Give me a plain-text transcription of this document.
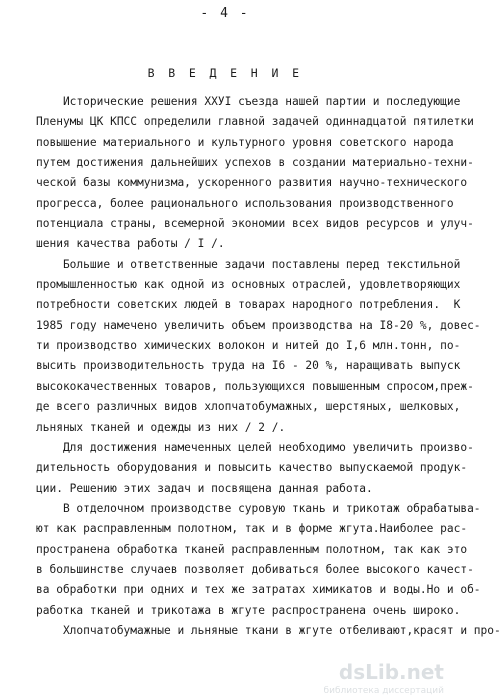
- 4 -
В В Е Д Е Н И Е
Исторические решения XXУI съезда нашей партии и последующие
Пленумы ЦК КПСС определили главной задачей одиннадцатой пятилетки
повышение материального и культурного уровня советского народа
путем достижения дальнейших успехов в создании материально-техни-
ческой базы коммунизма, ускоренного развития научно-технического
прогресса, более рационального использования производственного
потенциала страны, всемерной экономии всех видов ресурсов и улуч-
шения качества работы / I /.
Большие и ответственные задачи поставлены перед текстильной
промышленностью как одной из основных отраслей, удовлетворяющих
потребности советских людей в товарах народного потребления.  К
1985 году намечено увеличить объем производства на I8-20 %, довес-
ти производство химических волокон и нитей до I,6 млн.тонн, по-
высить производительность труда на I6 - 20 %, наращивать выпуск
высококачественных товаров, пользующихся повышенным спросом,преж-
де всего различных видов хлопчатобумажных, шерстяных, шелковых,
льняных тканей и одежды из них / 2 /.
Для достижения намеченных целей необходимо увеличить произво-
дительность оборудования и повысить качество выпускаемой продук-
ции. Решению этих задач и посвящена данная работа.
В отделочном производстве суровую ткань и трикотаж обрабатыва-
ют как расправленным полотном, так и в форме жгута.Наиболее рас-
пространена обработка тканей расправленным полотном, так как это
в большинстве случаев позволяет добиваться более высокого качест-
ва обработки при одних и тех же затратах химикатов и воды.Но и об-
работка тканей и трикотажа в жгуте распространена очень широко.
Хлопчатобумажные и льняные ткани в жгуте отбеливают,красят и про-
dsLib.net
библиотека диссертаций
